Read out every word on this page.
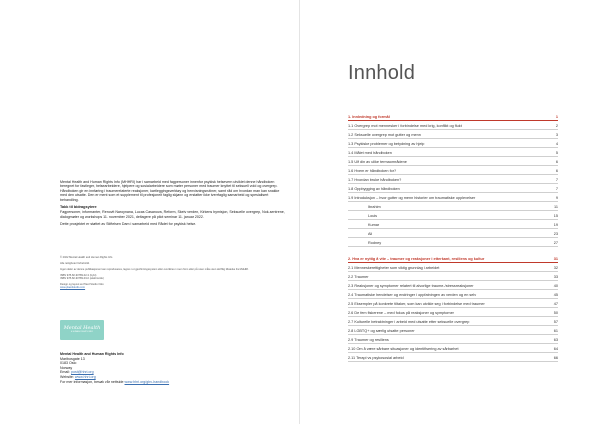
Mental Health and Human Rights Info (MHHRI) har i samarbeid med fagpersoner innenfor psykisk helsevern utviklet denne håndboken beregnet for fastleger, helsearbeidere, hjelpere og sosialarbeidere som møter personer med traumer knyttet til seksuell vold og overgrep. Håndboken gir en innføring i traumerelaterte reaksjoner, kartleggingsverktøy og henvisningsrutiner, samt råd om hvordan man kan snakke med den utsatte. Den er ment som et supplement til profesjonelt faglig skjønn og erstatter ikke tverrfaglig samarbeid og spesialisert behandling.

Takk til bidragsytere

Fagpersoner, informanter, Renovit Naroynana, Lucas Casanova, Reform, Skeiv verden, Kirkens bymisjon, Seksuelle overgrep, Nok-sentrene, dialogmøter og workshops 11. november 2021, deltagere på pilot seminar 11. januar 2022.

Dette prosjektet er støttet av Stiftelsen Dam i samarbeid med Rådet for psykisk helse.

© 2022 Mental Health and Human Rights Info
Alle rettigheter forbeholdt.
Ingen deler av denne publikasjonen kan reproduseres, lagres i et gjenfinningssystem eller overføres i noen form eller på noen måte uten skriftlig tillatelse fra MHHRI.
ISBN 978-82-93789-02-3 (trykt)
ISBN 978-82-93789-03-0 (elektronisk)
Design og layout av Plæd Studio Oslo
www.plaedstudio.com
Mental Health
& HUMAN RIGHTS INFO
Mental Health and Human Rights Info
Maribosgate 13
0183 Oslo
Norway
Email: post@hhri.org
Website: www.hhri.org
For mer informasjon, besøk vår nettside www.hhri.org/gbv-handbook
Innhold
1. Innledning og formål	1
1.1 Overgrep mot mennesker i forbindelse med krig, konflikt og flukt	2
1.2 Seksuelle overgrep mot gutter og menn	3
1.3 Psykiske problemer og betydning av hjelp	4
1.4 Målet med håndboken	5
1.5 Ulf din av ulike termaområdene	6
1.6 Hvem er håndboken for?	6
1.7 Hvordan bruke håndboken?	7
1.8 Oppbygging av håndboken	7
1.9 Introduksjon – hvor gutter og menn historier om traumatiske opplevelser	9
Ibrahim	11
Louis	15
Kumar	19
Ali	23
Rodney	27
2. Hva er nyttig å vite – traumer og reaksjoner i etterkant, resiliens og kultur	31
2.1 Menneskerettigheter som viktig grunnlag i arbeidet	32
2.2 Traumer	33
2.3 Reaksjoner og symptomer relatert til alvorlige traume-/stressreaksjoner	40
2.4 Traumatiske hendelser og endringer i oppfatningen av verden og en selv	45
2.5 Eksempler på konkrete tiltaker, som kan utvikle seg i forbindelse med traumer	47
2.6 De fem fiskerene – med fokus på reaksjoner og symptomer	50
2.7 Kulturelle betraktninger i arbeid med utsatte etter seksuelle overgrep	57
2.8 LGBTQ+ og særlig utsatte personer	61
2.9 Traumer og resiliens	63
2.10 Om å være sårbare situasjoner og identifisering av sårbarhet	64
2.11 Terapi vs psykososial arbeid	66
